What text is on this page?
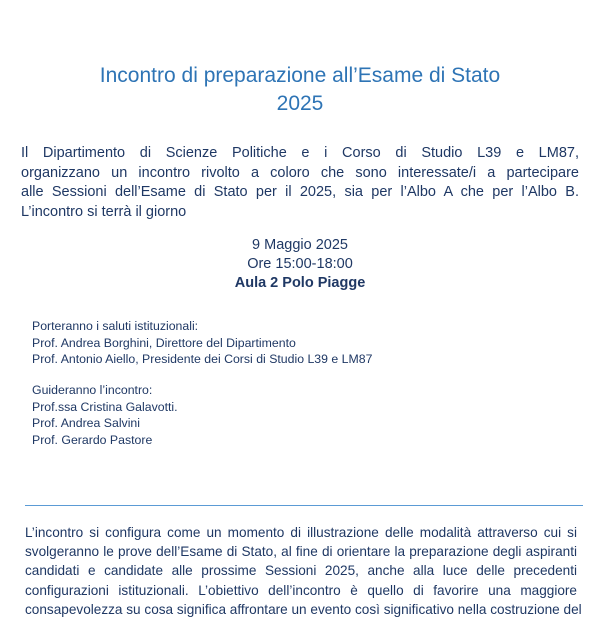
Incontro di preparazione all’Esame di Stato
2025
Il Dipartimento di Scienze Politiche e i Corso di Studio L39 e LM87,
organizzano un incontro rivolto a coloro che sono interessate/i a partecipare
alle Sessioni dell’Esame di Stato per il 2025, sia per l’Albo A che per l’Albo B.
L’incontro si terrà il giorno
9 Maggio 2025
Ore 15:00-18:00
Aula 2 Polo Piagge
Porteranno i saluti istituzionali:
Prof. Andrea Borghini, Direttore del Dipartimento
Prof. Antonio Aiello, Presidente dei Corsi di Studio L39 e LM87
Guideranno l’incontro:
Prof.ssa Cristina Galavotti.
Prof. Andrea Salvini
Prof. Gerardo Pastore
L’incontro si configura come un momento di illustrazione delle modalità attraverso cui si
svolgeranno le prove dell’Esame di Stato, al fine di orientare la preparazione degli aspiranti
candidati e candidate alle prossime Sessioni 2025, anche alla luce delle precedenti
configurazioni istituzionali. L’obiettivo dell’incontro è quello di favorire una maggiore
consapevolezza su cosa significa affrontare un evento così significativo nella costruzione del
